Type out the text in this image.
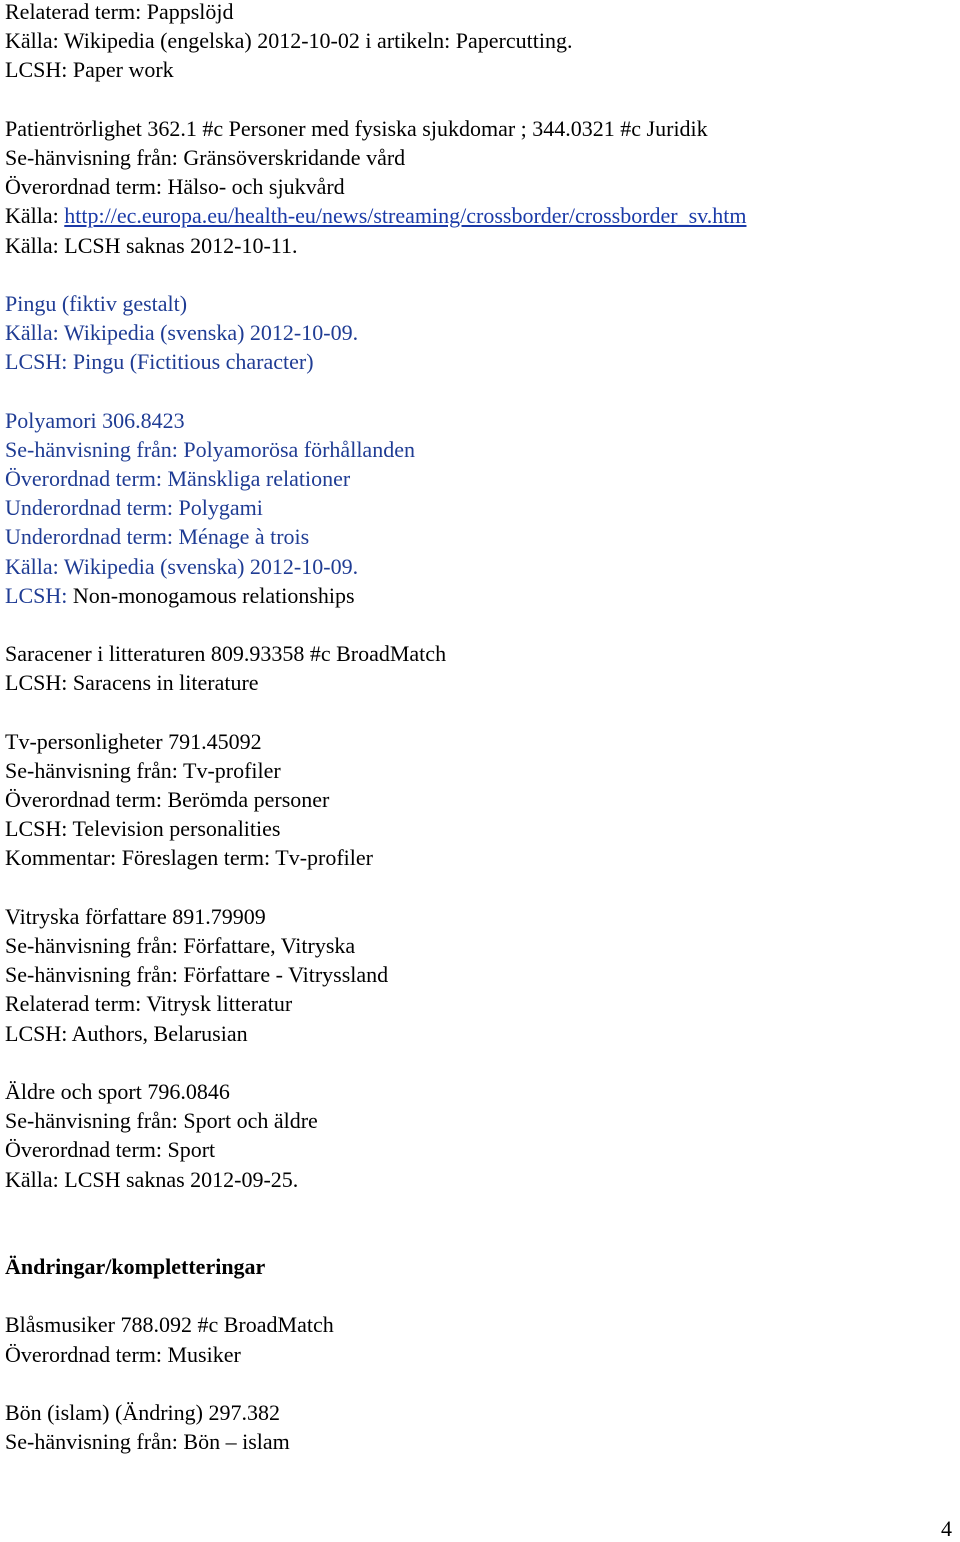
Relaterad term: Pappslöjd
Källa: Wikipedia (engelska) 2012-10-02 i artikeln: Papercutting.
LCSH: Paper work
Patientrörlighet 362.1 #c Personer med fysiska sjukdomar ; 344.0321 #c Juridik
Se-hänvisning från: Gränsöverskridande vård
Överordnad term: Hälso- och sjukvård
Källa: http://ec.europa.eu/health-eu/news/streaming/crossborder/crossborder_sv.htm
Källa: LCSH saknas 2012-10-11.
Pingu (fiktiv gestalt)
Källa: Wikipedia (svenska) 2012-10-09.
LCSH: Pingu (Fictitious character)
Polyamori 306.8423
Se-hänvisning från: Polyamorösa förhållanden
Överordnad term: Mänskliga relationer
Underordnad term: Polygami
Underordnad term: Ménage à trois
Källa: Wikipedia (svenska) 2012-10-09.
LCSH: Non-monogamous relationships
Saracener i litteraturen 809.93358 #c BroadMatch
LCSH: Saracens in literature
Tv-personligheter 791.45092
Se-hänvisning från: Tv-profiler
Överordnad term: Berömda personer
LCSH: Television personalities
Kommentar: Föreslagen term: Tv-profiler
Vitryska författare 891.79909
Se-hänvisning från: Författare, Vitryska
Se-hänvisning från: Författare - Vitryssland
Relaterad term: Vitrysk litteratur
LCSH: Authors, Belarusian
Äldre och sport 796.0846
Se-hänvisning från: Sport och äldre
Överordnad term: Sport
Källa: LCSH saknas 2012-09-25.
Ändringar/kompletteringar
Blåsmusiker 788.092 #c BroadMatch
Överordnad term: Musiker
Bön (islam) (Ändring) 297.382
Se-hänvisning från: Bön – islam
4
